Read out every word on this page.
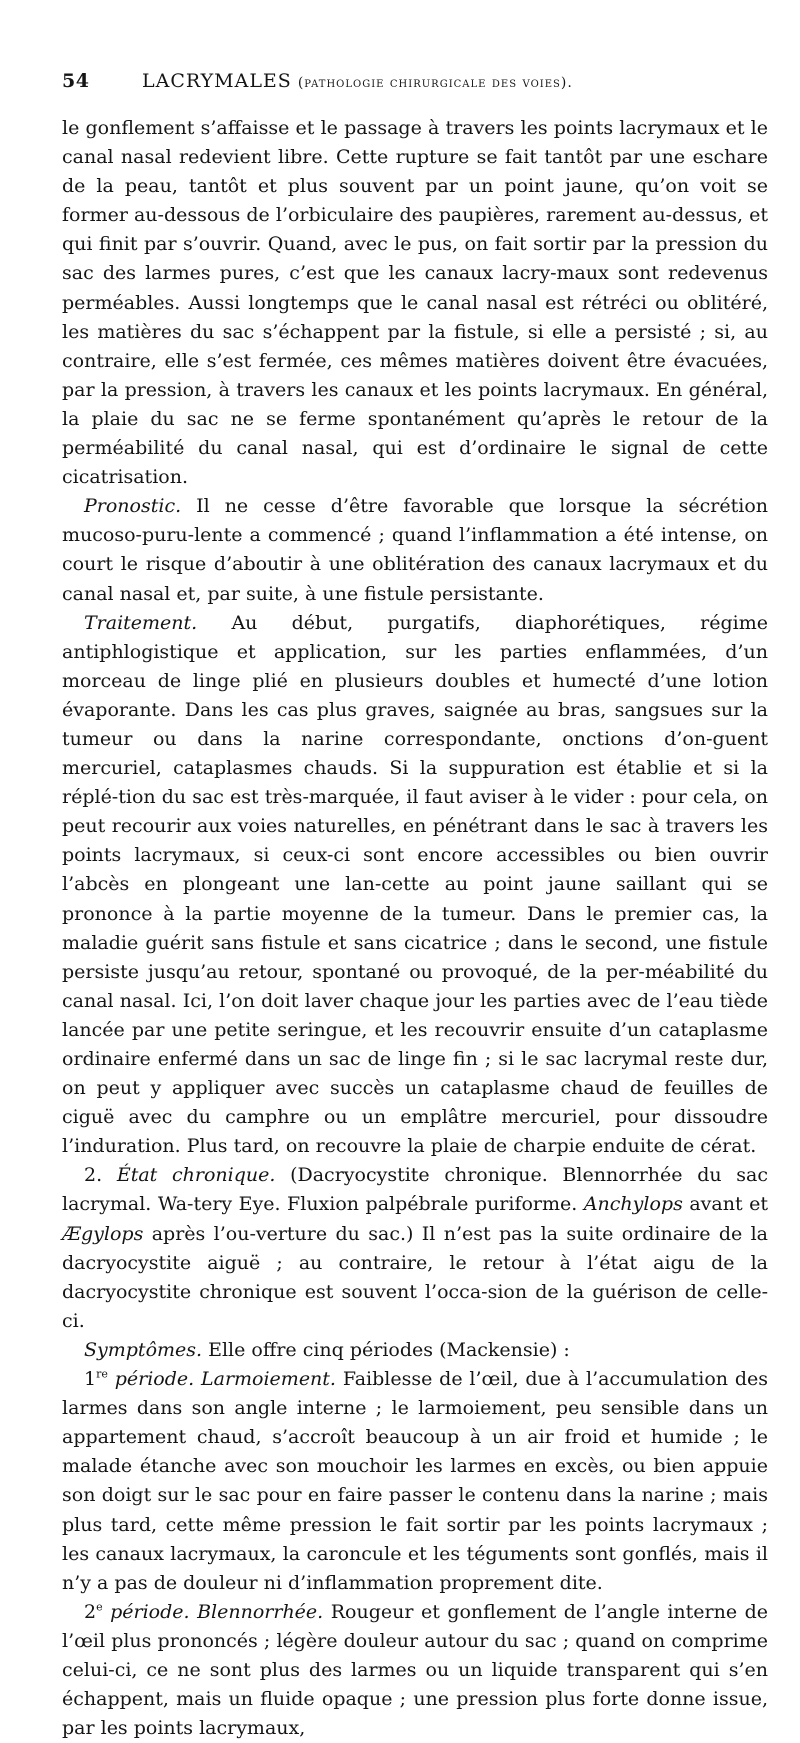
54	LACRYMALES (pathologie chirurgicale des voies).

le gonflement s’affaisse et le passage à travers les points lacrymaux et le canal nasal redevient libre. Cette rupture se fait tantôt par une eschare de la peau, tantôt et plus souvent par un point jaune, qu’on voit se former au-dessous de l’orbiculaire des paupières, rarement au-dessus, et qui finit par s’ouvrir. Quand, avec le pus, on fait sortir par la pression du sac des larmes pures, c’est que les canaux lacry-maux sont redevenus perméables. Aussi longtemps que le canal nasal est rétréci ou oblitéré, les matières du sac s’échappent par la fistule, si elle a persisté ; si, au contraire, elle s’est fermée, ces mêmes matières doivent être évacuées, par la pression, à travers les canaux et les points lacrymaux. En général, la plaie du sac ne se ferme spontanément qu’après le retour de la perméabilité du canal nasal, qui est d’ordinaire le signal de cette cicatrisation.

Pronostic. Il ne cesse d’être favorable que lorsque la sécrétion mucoso-puru-lente a commencé ; quand l’inflammation a été intense, on court le risque d’aboutir à une oblitération des canaux lacrymaux et du canal nasal et, par suite, à une fistule persistante.

Traitement. Au début, purgatifs, diaphorétiques, régime antiphlogistique et application, sur les parties enflammées, d’un morceau de linge plié en plusieurs doubles et humecté d’une lotion évaporante. Dans les cas plus graves, saignée au bras, sangsues sur la tumeur ou dans la narine correspondante, onctions d’on-guent mercuriel, cataplasmes chauds. Si la suppuration est établie et si la réplé-tion du sac est très-marquée, il faut aviser à le vider : pour cela, on peut recourir aux voies naturelles, en pénétrant dans le sac à travers les points lacrymaux, si ceux-ci sont encore accessibles ou bien ouvrir l’abcès en plongeant une lan-cette au point jaune saillant qui se prononce à la partie moyenne de la tumeur. Dans le premier cas, la maladie guérit sans fistule et sans cicatrice ; dans le second, une fistule persiste jusqu’au retour, spontané ou provoqué, de la per-méabilité du canal nasal. Ici, l’on doit laver chaque jour les parties avec de l’eau tiède lancée par une petite seringue, et les recouvrir ensuite d’un cataplasme ordinaire enfermé dans un sac de linge fin ; si le sac lacrymal reste dur, on peut y appliquer avec succès un cataplasme chaud de feuilles de ciguë avec du camphre ou un emplâtre mercuriel, pour dissoudre l’induration. Plus tard, on recouvre la plaie de charpie enduite de cérat.

2. État chronique. (Dacryocystite chronique. Blennorrhée du sac lacrymal. Wa-tery Eye. Fluxion palpébrale puriforme. Anchylops avant et Ægylops après l’ou-verture du sac.) Il n’est pas la suite ordinaire de la dacryocystite aiguë ; au contraire, le retour à l’état aigu de la dacryocystite chronique est souvent l’occa-sion de la guérison de celle-ci.

Symptômes. Elle offre cinq périodes (Mackensie) :

1re période. Larmoiement. Faiblesse de l’œil, due à l’accumulation des larmes dans son angle interne ; le larmoiement, peu sensible dans un appartement chaud, s’accroît beaucoup à un air froid et humide ; le malade étanche avec son mouchoir les larmes en excès, ou bien appuie son doigt sur le sac pour en faire passer le contenu dans la narine ; mais plus tard, cette même pression le fait sortir par les points lacrymaux ; les canaux lacrymaux, la caroncule et les téguments sont gonflés, mais il n’y a pas de douleur ni d’inflammation proprement dite.

2e période. Blennorrhée. Rougeur et gonflement de l’angle interne de l’œil plus prononcés ; légère douleur autour du sac ; quand on comprime celui-ci, ce ne sont plus des larmes ou un liquide transparent qui s’en échappent, mais un fluide opaque ; une pression plus forte donne issue, par les points lacrymaux,
